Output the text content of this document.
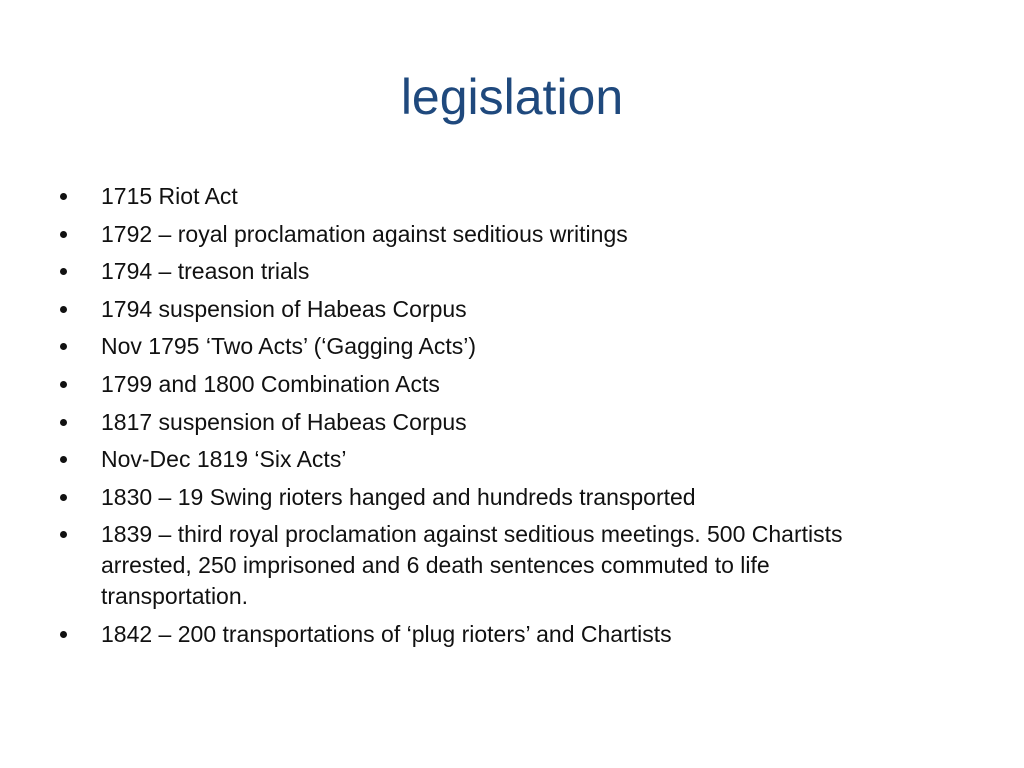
legislation
1715 Riot Act
1792 – royal proclamation against seditious writings
1794 – treason trials
1794 suspension of Habeas Corpus
Nov 1795 ‘Two Acts’ (‘Gagging Acts’)
1799 and 1800 Combination Acts
1817 suspension of Habeas Corpus
Nov-Dec 1819 ‘Six Acts’
1830 – 19 Swing rioters hanged and hundreds transported
1839 – third royal proclamation against seditious meetings. 500 Chartists arrested, 250 imprisoned and 6 death sentences commuted to life transportation.
1842 – 200 transportations of ‘plug rioters’ and Chartists
